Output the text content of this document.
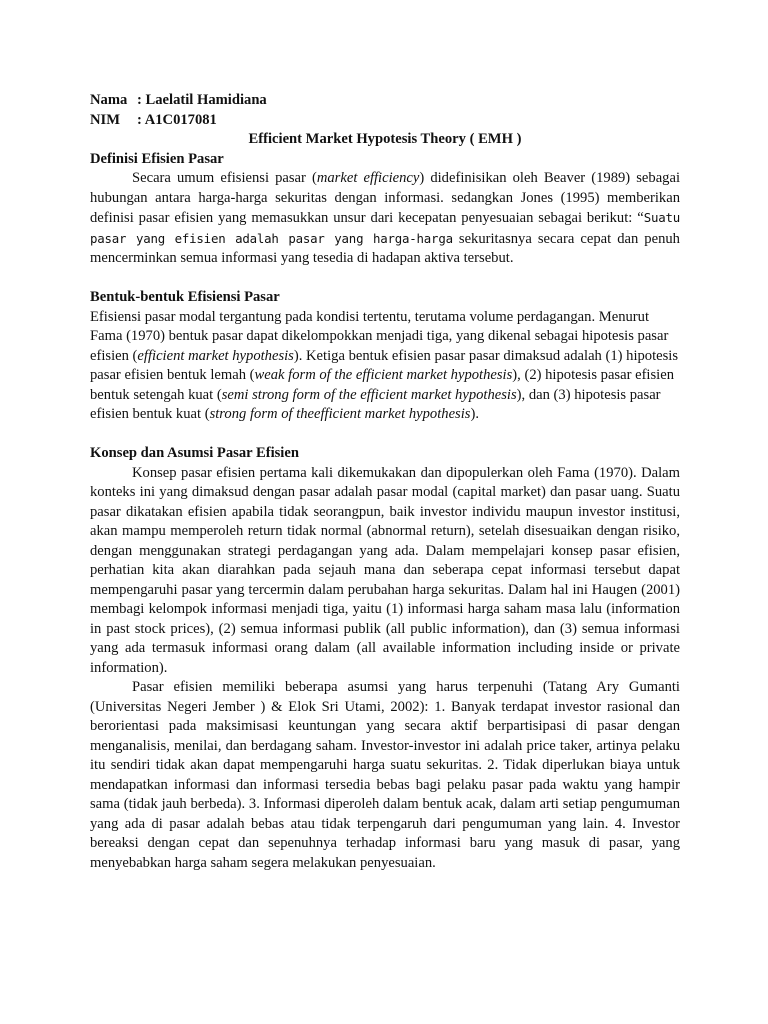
Nama : Laelatil Hamidiana
NIM : A1C017081
Efficient Market Hypotesis Theory ( EMH )
Definisi Efisien Pasar
Secara umum efisiensi pasar (market efficiency) didefinisikan oleh Beaver (1989) sebagai hubungan antara harga-harga sekuritas dengan informasi. sedangkan Jones (1995) memberikan definisi pasar efisien yang memasukkan unsur dari kecepatan penyesuaian sebagai berikut: “Suatu pasar yang efisien adalah pasar yang harga-harga sekuritasnya secara cepat dan penuh mencerminkan semua informasi yang tesedia di hadapan aktiva tersebut.
Bentuk-bentuk Efisiensi Pasar
Efisiensi pasar modal tergantung pada kondisi tertentu, terutama volume perdagangan. Menurut Fama (1970) bentuk pasar dapat dikelompokkan menjadi tiga, yang dikenal sebagai hipotesis pasar efisien (efficient market hypothesis). Ketiga bentuk efisien pasar pasar dimaksud adalah (1) hipotesis pasar efisien bentuk lemah (weak form of the efficient market hypothesis), (2) hipotesis pasar efisien bentuk setengah kuat (semi strong form of the efficient market hypothesis), dan (3) hipotesis pasar efisien bentuk kuat (strong form of theefficient market hypothesis).
Konsep dan Asumsi Pasar Efisien
Konsep pasar efisien pertama kali dikemukakan dan dipopulerkan oleh Fama (1970). Dalam konteks ini yang dimaksud dengan pasar adalah pasar modal (capital market) dan pasar uang. Suatu pasar dikatakan efisien apabila tidak seorangpun, baik investor individu maupun investor institusi, akan mampu memperoleh return tidak normal (abnormal return), setelah disesuaikan dengan risiko, dengan menggunakan strategi perdagangan yang ada. Dalam mempelajari konsep pasar efisien, perhatian kita akan diarahkan pada sejauh mana dan seberapa cepat informasi tersebut dapat mempengaruhi pasar yang tercermin dalam perubahan harga sekuritas. Dalam hal ini Haugen (2001) membagi kelompok informasi menjadi tiga, yaitu (1) informasi harga saham masa lalu (information in past stock prices), (2) semua informasi publik (all public information), dan (3) semua informasi yang ada termasuk informasi orang dalam (all available information including inside or private information).
Pasar efisien memiliki beberapa asumsi yang harus terpenuhi (Tatang Ary Gumanti (Universitas Negeri Jember ) & Elok Sri Utami, 2002): 1. Banyak terdapat investor rasional dan berorientasi pada maksimisasi keuntungan yang secara aktif berpartisipasi di pasar dengan menganalisis, menilai, dan berdagang saham. Investor-investor ini adalah price taker, artinya pelaku itu sendiri tidak akan dapat mempengaruhi harga suatu sekuritas. 2. Tidak diperlukan biaya untuk mendapatkan informasi dan informasi tersedia bebas bagi pelaku pasar pada waktu yang hampir sama (tidak jauh berbeda). 3. Informasi diperoleh dalam bentuk acak, dalam arti setiap pengumuman yang ada di pasar adalah bebas atau tidak terpengaruh dari pengumuman yang lain. 4. Investor bereaksi dengan cepat dan sepenuhnya terhadap informasi baru yang masuk di pasar, yang menyebabkan harga saham segera melakukan penyesuaian.
